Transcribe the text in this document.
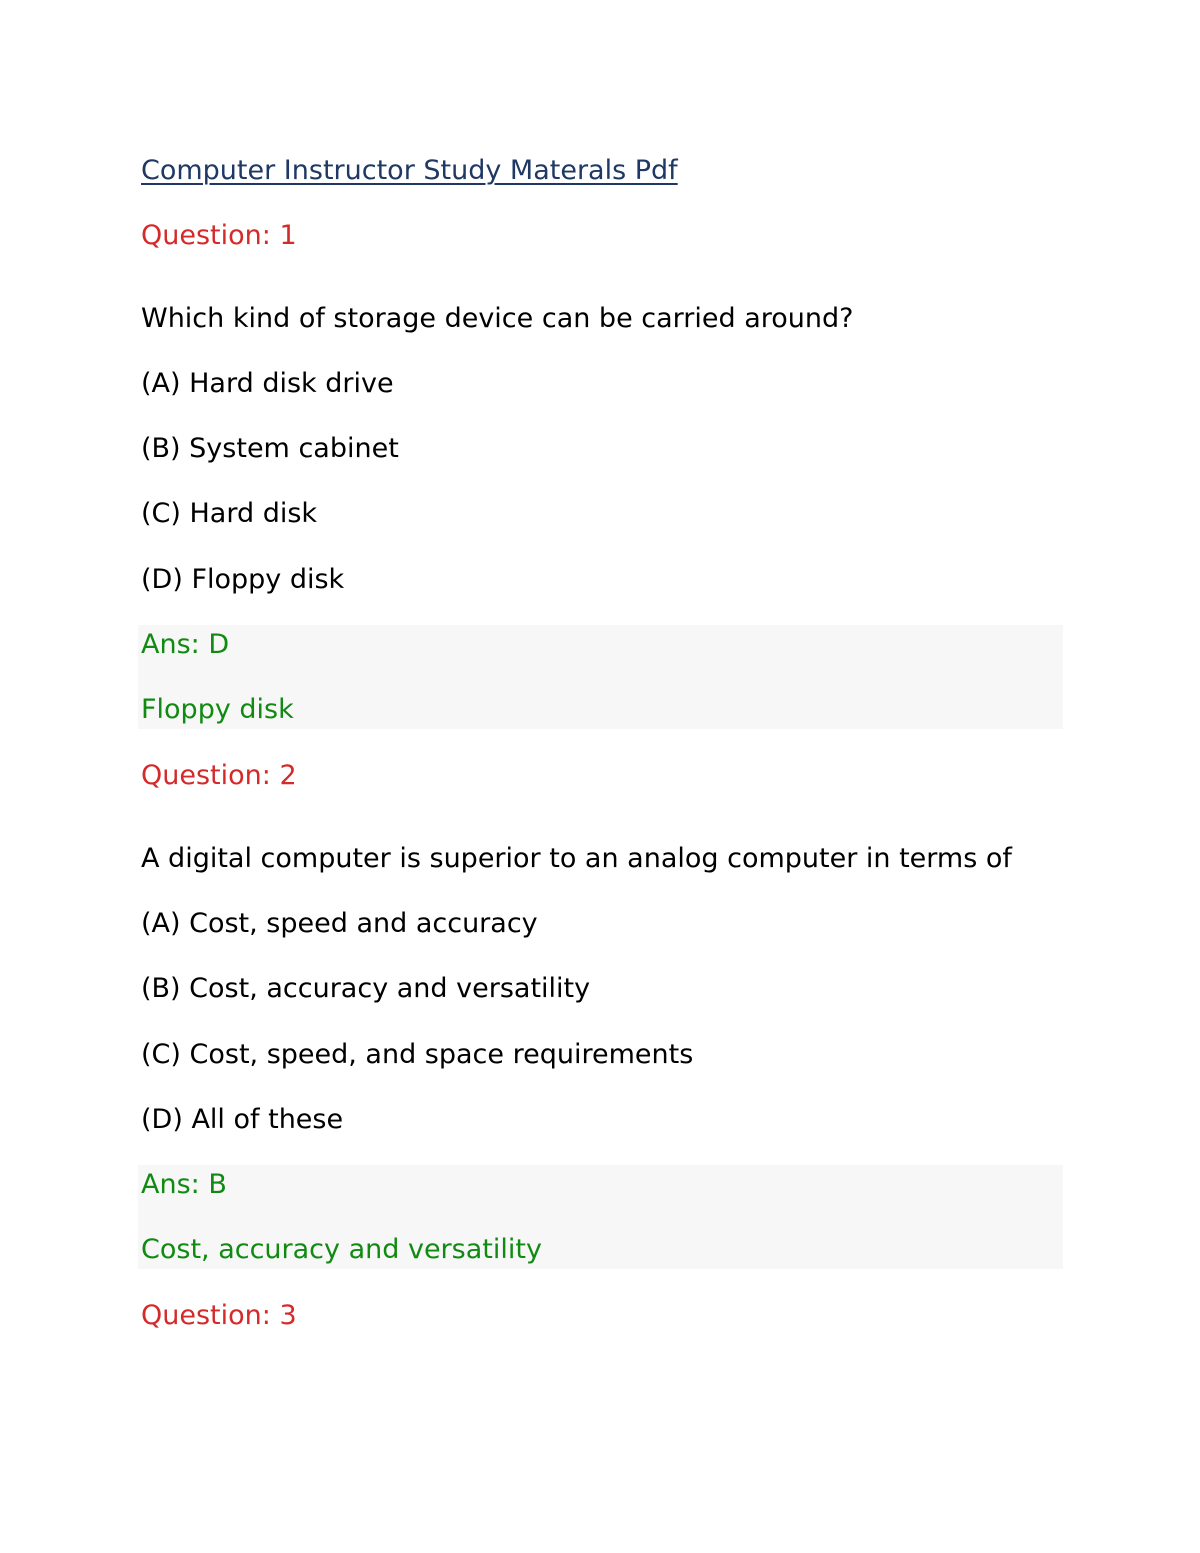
Computer Instructor Study Materals Pdf
Question: 1
Which kind of storage device can be carried around?
(A) Hard disk drive
(B) System cabinet
(C) Hard disk
(D) Floppy disk
Ans: D
Floppy disk
Question: 2
A digital computer is superior to an analog computer in terms of
(A) Cost, speed and accuracy
(B) Cost, accuracy and versatility
(C) Cost, speed, and space requirements
(D) All of these
Ans: B
Cost, accuracy and versatility
Question: 3
